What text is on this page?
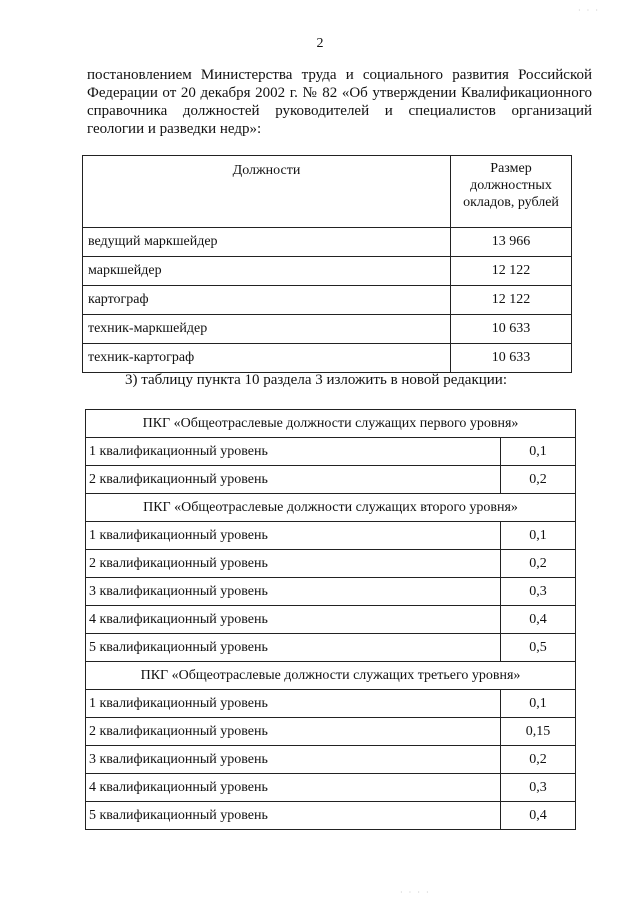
2
постановлением Министерства труда и социального развития Российской
Федерации от 20 декабря 2002 г. № 82 «Об утверждении Квалификационного
справочника должностей руководителей и специалистов организаций
геологии и разведки недр»:
Должности	Размер
должностных
окладов, рублей
ведущий маркшейдер	13 966
маркшейдер	12 122
картограф	12 122
техник-маркшейдер	10 633
техник-картограф	10 633
3) таблицу пункта 10 раздела 3 изложить в новой редакции:
ПКГ «Общеотраслевые должности служащих первого уровня»	
1 квалификационный уровень	0,1
2 квалификационный уровень	0,2
ПКГ «Общеотраслевые должности служащих второго уровня»	
1 квалификационный уровень	0,1
2 квалификационный уровень	0,2
3 квалификационный уровень	0,3
4 квалификационный уровень	0,4
5 квалификационный уровень	0,5
ПКГ «Общеотраслевые должности служащих третьего уровня»	
1 квалификационный уровень	0,1
2 квалификационный уровень	0,15
3 квалификационный уровень	0,2
4 квалификационный уровень	0,3
5 квалификационный уровень	0,4
· · ·
· · · ·
